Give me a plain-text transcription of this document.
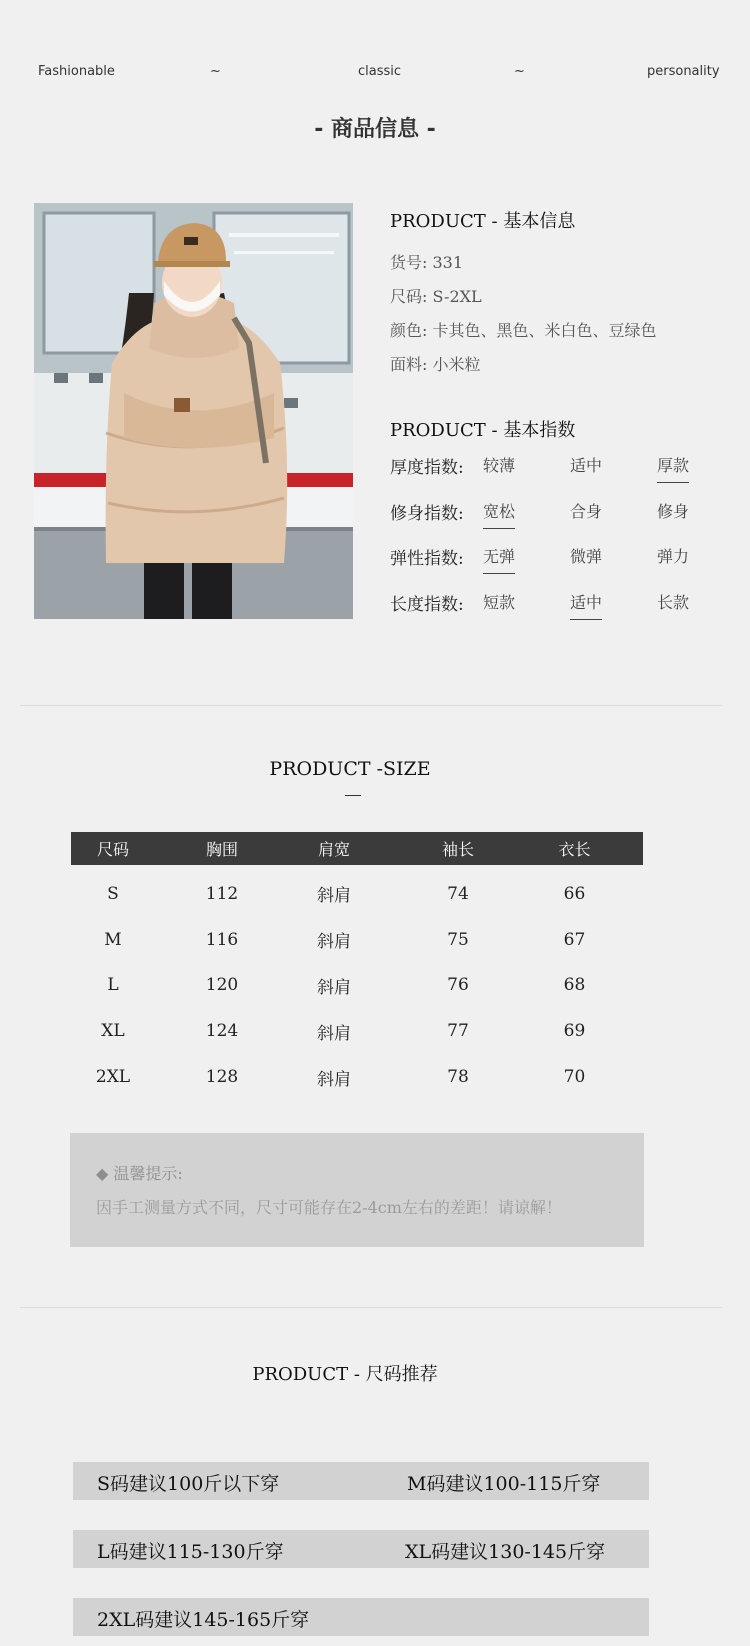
Fashionable	~	classic	~	personality
- 商品信息 -
PRODUCT - 基本信息
货号: 331
尺码: S-2XL
颜色: 卡其色、黑色、米白色、豆绿色
面料: 小米粒
PRODUCT - 基本指数
厚度指数: 较薄	适中	厚款
修身指数: 宽松	合身	修身
弹性指数: 无弹	微弹	弹力
长度指数: 短款	适中	长款
PRODUCT -SIZE
尺码	胸围	肩宽	袖长	衣长
S	112	斜肩	74	66
M	116	斜肩	75	67
L	120	斜肩	76	68
XL	124	斜肩	77	69
2XL	128	斜肩	78	70
◆ 温馨提示:
因手工测量方式不同，尺寸可能存在2-4cm左右的差距！请谅解！
PRODUCT - 尺码推荐
S码建议100斤以下穿	M码建议100-115斤穿
L码建议115-130斤穿	XL码建议130-145斤穿
2XL码建议145-165斤穿
